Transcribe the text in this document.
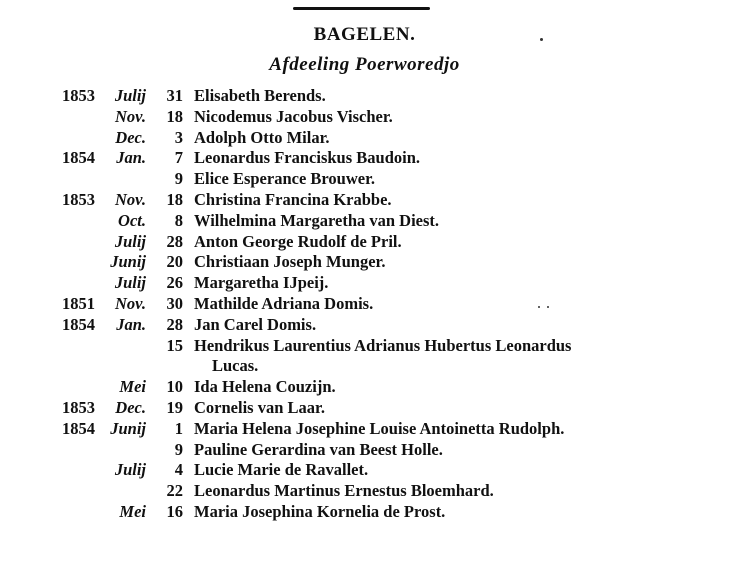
BAGELEN.
Afdeeling Poerworedjo
1853 Julij 31 Elisabeth Berends.
Nov. 18 Nicodemus Jacobus Vischer.
Dec. 3 Adolph Otto Milar.
1854 Jan. 7 Leonardus Franciskus Baudoin.
9 Elice Esperance Brouwer.
1853 Nov. 18 Christina Francina Krabbe.
Oct. 8 Wilhelmina Margaretha van Diest.
Julij 28 Anton George Rudolf de Pril.
Junij 20 Christiaan Joseph Munger.
Julij 26 Margaretha IJpeij.
1851 Nov. 30 Mathilde Adriana Domis.
1854 Jan. 28 Jan Carel Domis.
15 Hendrikus Laurentius Adrianus Hubertus Leonardus
Lucas.
Mei 10 Ida Helena Couzijn.
1853 Dec. 19 Cornelis van Laar.
1854 Junij 1 Maria Helena Josephine Louise Antoinetta Rudolph.
9 Pauline Gerardina van Beest Holle.
Julij 4 Lucie Marie de Ravallet.
22 Leonardus Martinus Ernestus Bloemhard.
Mei 16 Maria Josephina Kornelia de Prost.
